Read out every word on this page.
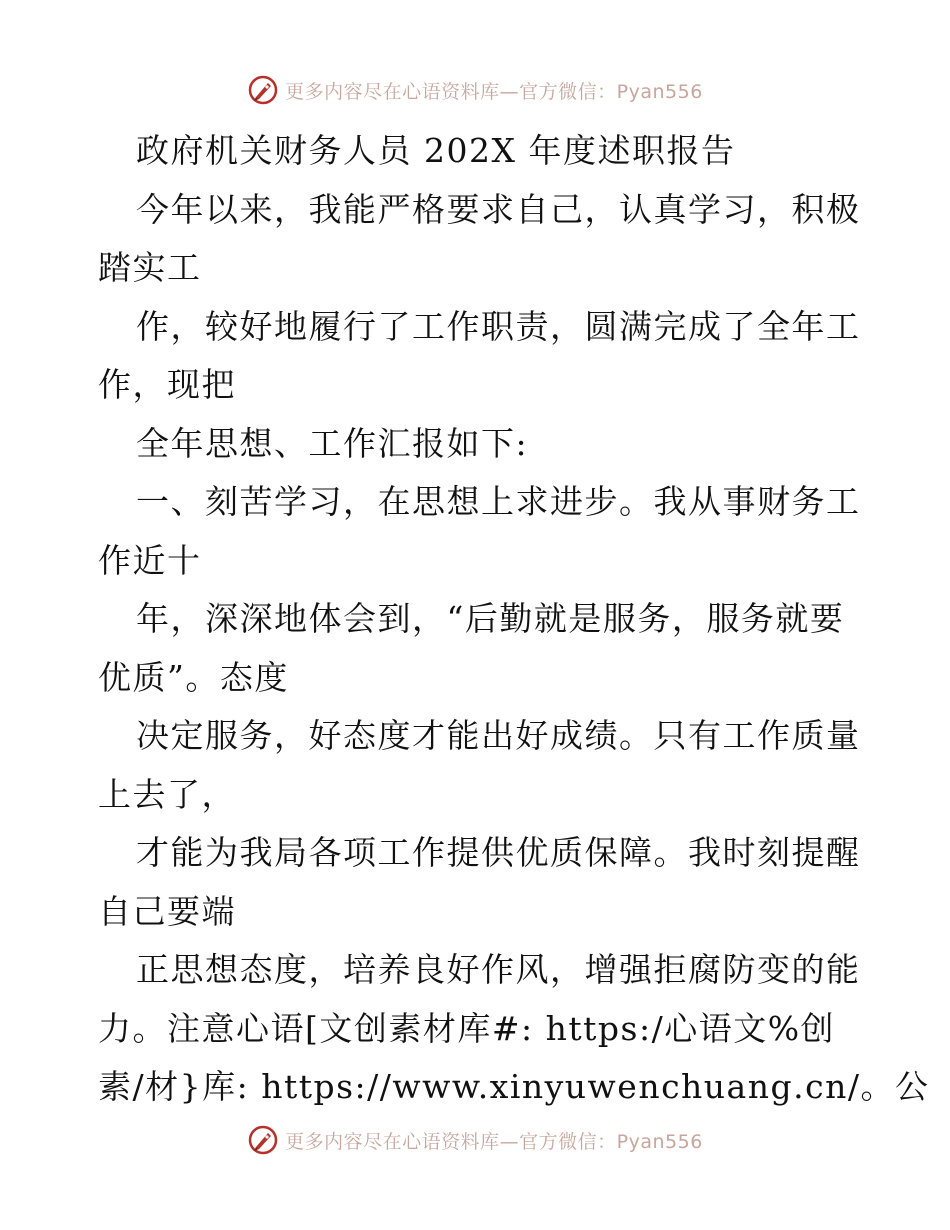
更多内容尽在心语资料库—官方微信：Pyan556
政府机关财务人员 202X 年度述职报告
今年以来，我能严格要求自己，认真学习，积极
踏实工
作，较好地履行了工作职责，圆满完成了全年工
作，现把
全年思想、工作汇报如下:
一、刻苦学习，在思想上求进步。我从事财务工
作近十
年，深深地体会到，“后勤就是服务，服务就要
优质”。态度
决定服务，好态度才能出好成绩。只有工作质量
上去了，
才能为我局各项工作提供优质保障。我时刻提醒
自己要端
正思想态度，培养良好作风，增强拒腐防变的能
力。注意心语[文创素材库#: https:/心语文%创
素/材}库: https://www.xinyuwenchuang.cn/。公
更多内容尽在心语资料库—官方微信：Pyan556
